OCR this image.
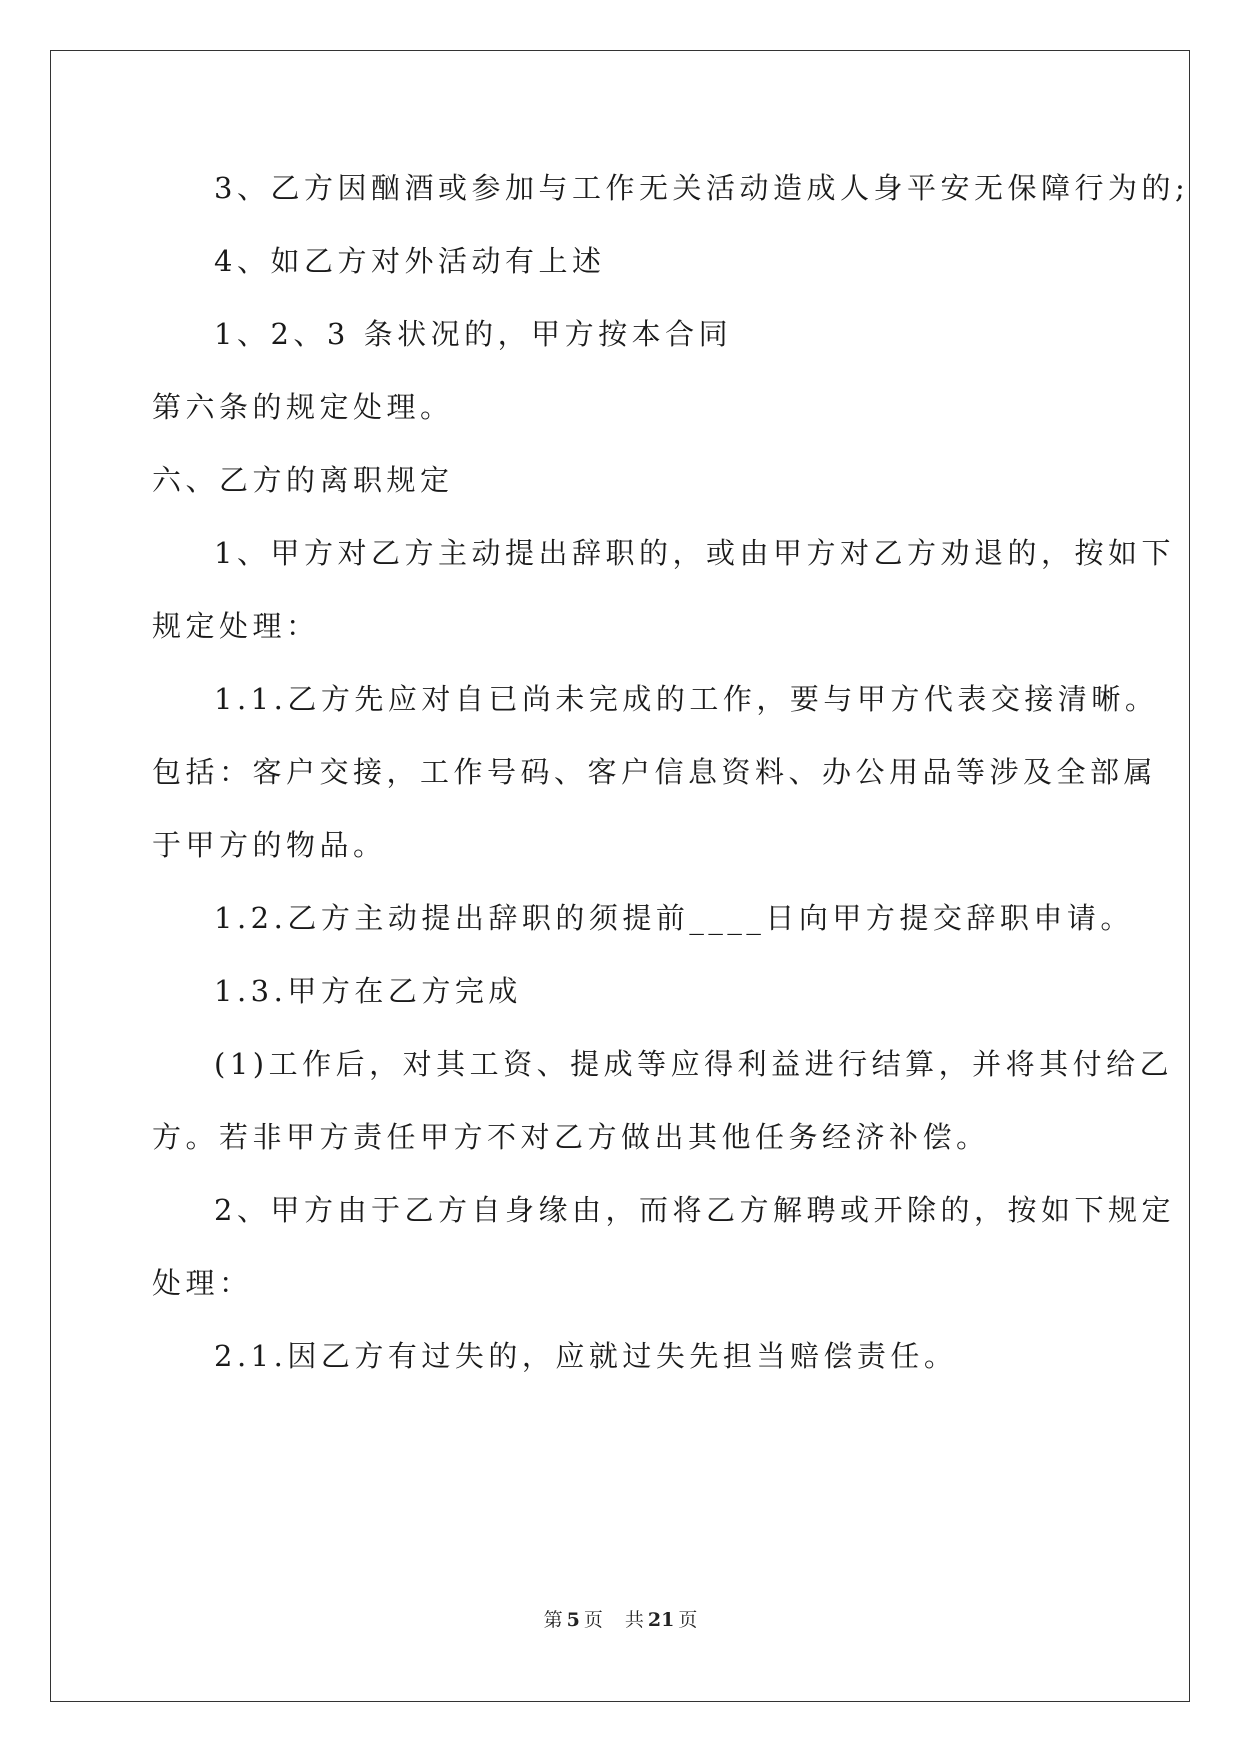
3、乙方因酗酒或参加与工作无关活动造成人身平安无保障行为的;
4、如乙方对外活动有上述
1、2、3 条状况的，甲方按本合同
第六条的规定处理。
六、乙方的离职规定
1、甲方对乙方主动提出辞职的，或由甲方对乙方劝退的，按如下
规定处理：
1.1.乙方先应对自已尚未完成的工作，要与甲方代表交接清晰。
包括：客户交接，工作号码、客户信息资料、办公用品等涉及全部属
于甲方的物品。
1.2.乙方主动提出辞职的须提前____日向甲方提交辞职申请。
1.3.甲方在乙方完成
(1)工作后，对其工资、提成等应得利益进行结算，并将其付给乙
方。若非甲方责任甲方不对乙方做出其他任务经济补偿。
2、甲方由于乙方自身缘由，而将乙方解聘或开除的，按如下规定
处理：
2.1.因乙方有过失的，应就过失先担当赔偿责任。
第 5 页 共 21 页
